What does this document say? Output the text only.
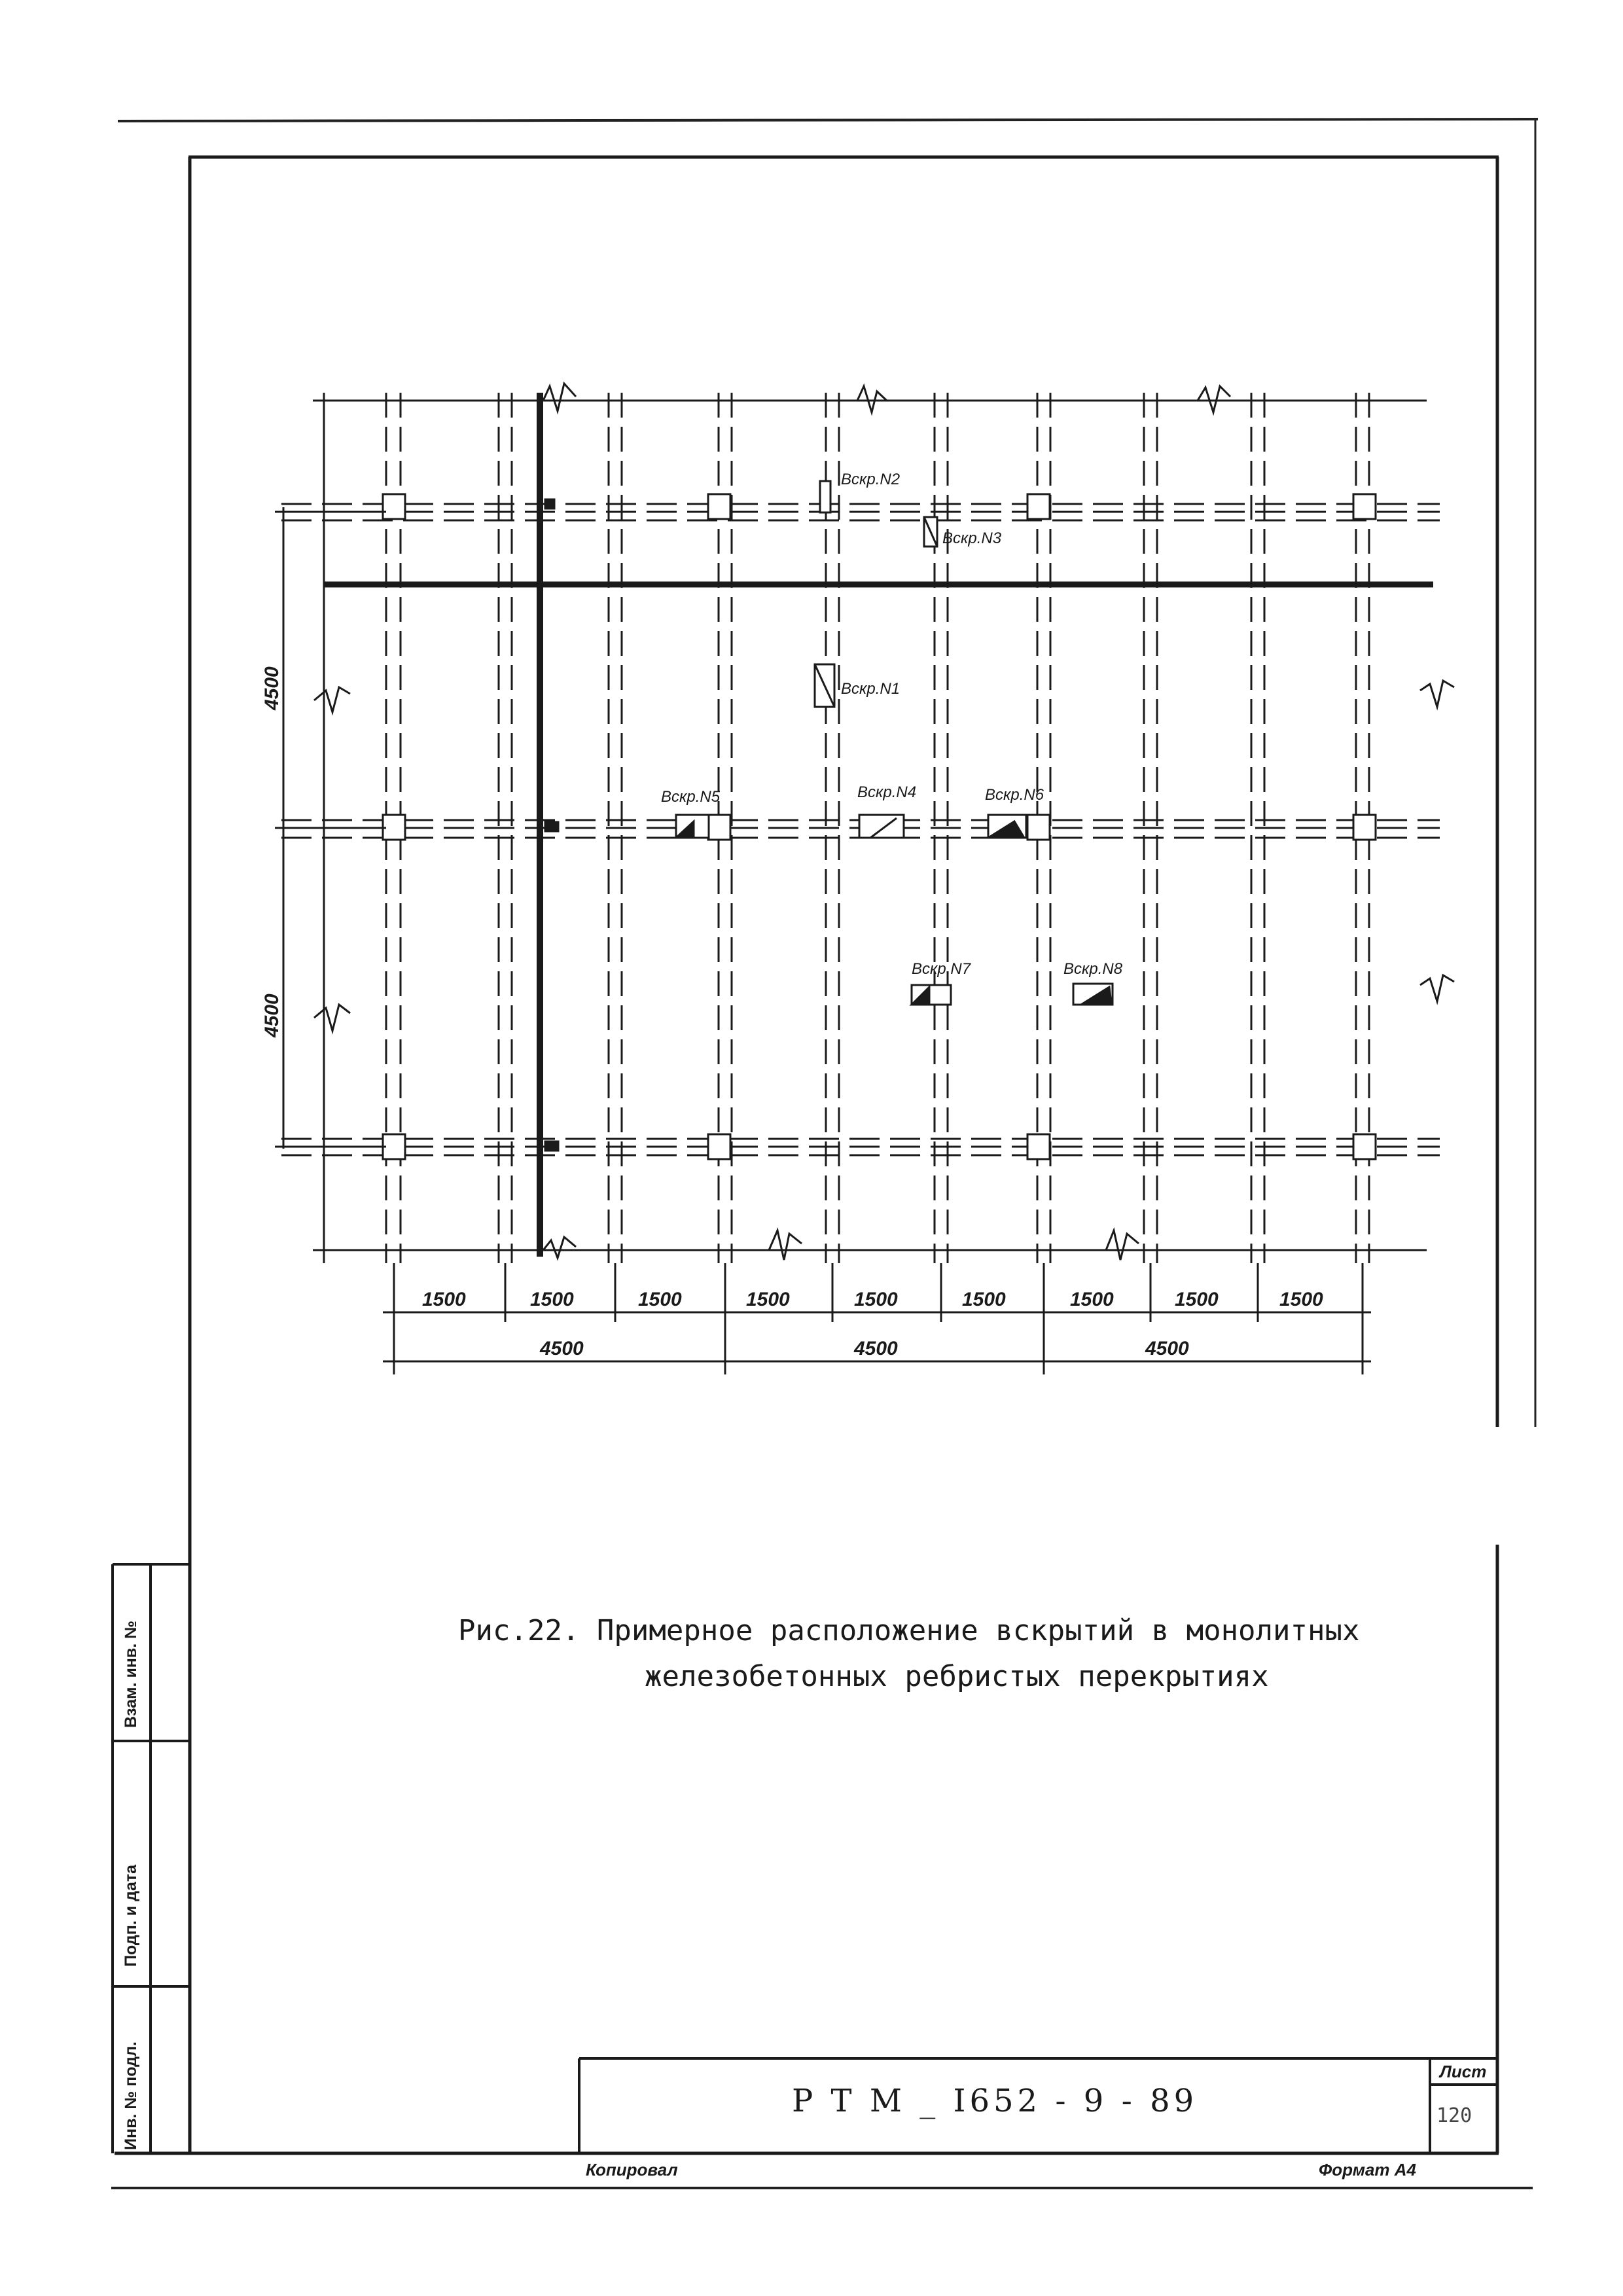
1500	1500	1500	1500	1500	1500	1500	1500	1500
4500	4500	4500
4500
4500
Вскр.N2
Вскр.N3
Вскр.N1
Вскр.N5	Вскр.N4	Вскр.N6
Вскр.N7	Вскр.N8
Рис.22. Примерное расположение вскрытий в монолитных
железобетонных ребристых перекрытиях
Взам. инв. №
Подп. и дата
Инв. № подл.	Р Т М _ I652 - 9 - 89
Лист
120
Копировал	Формат А4
